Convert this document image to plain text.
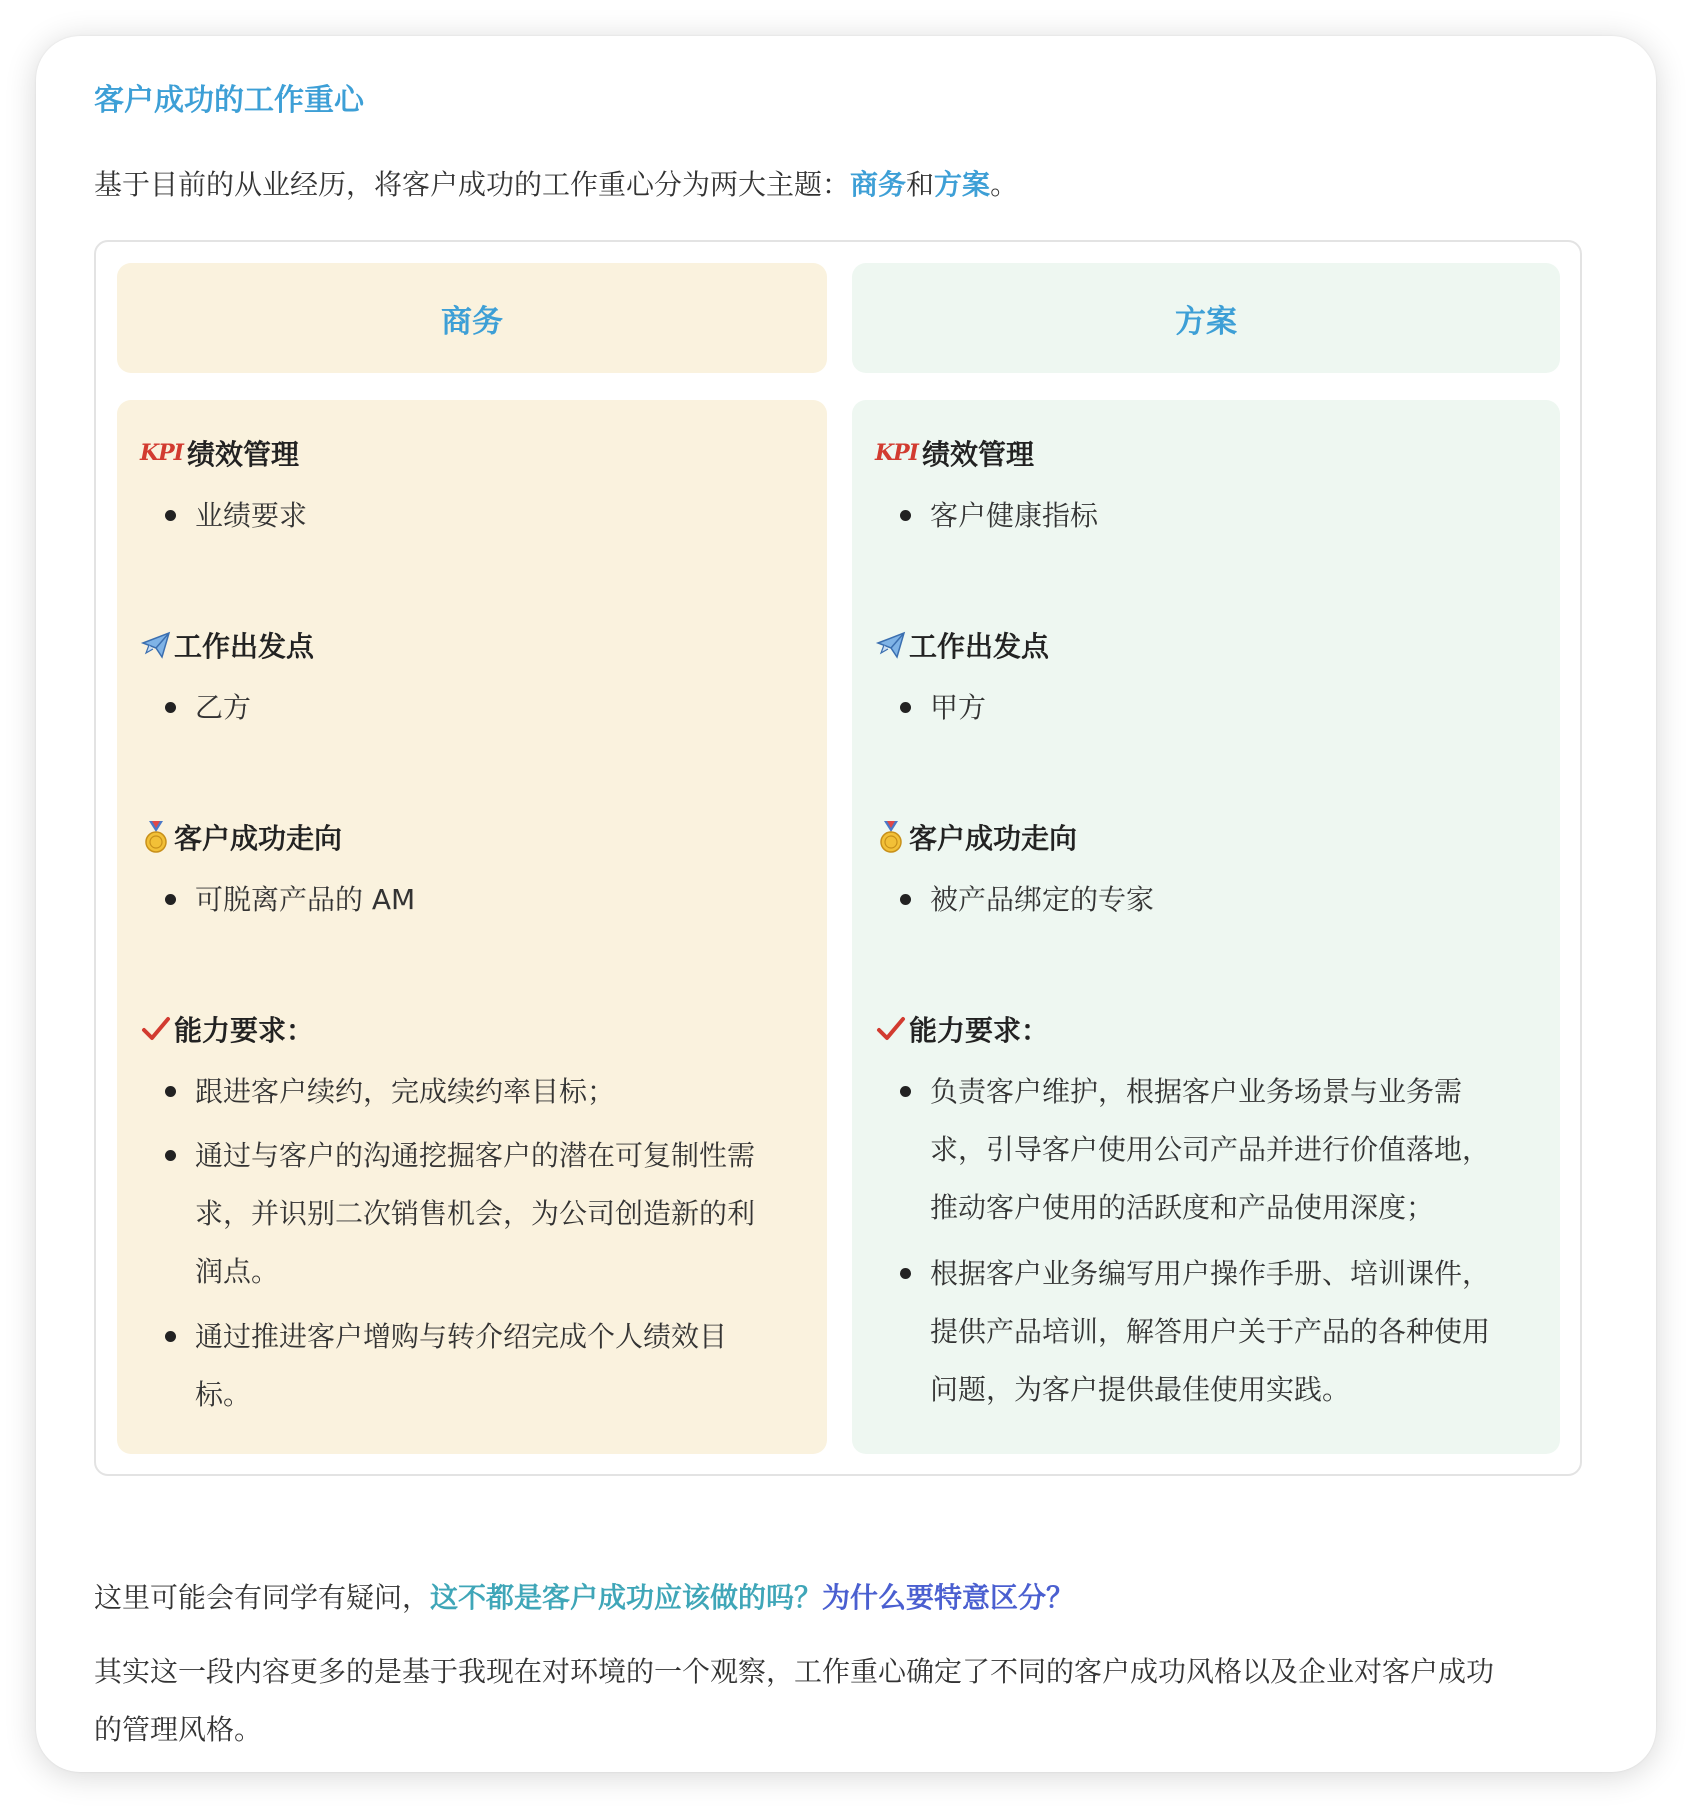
客户成功的工作重心
基于目前的从业经历，将客户成功的工作重心分为两大主题：商务和方案。
商务
KPI 绩效管理
业绩要求
工作出发点
乙方
客户成功走向
可脱离产品的 AM
能力要求：
跟进客户续约，完成续约率目标；
通过与客户的沟通挖掘客户的潜在可复制性需
求，并识别二次销售机会，为公司创造新的利
润点。
通过推进客户增购与转介绍完成个人绩效目
标。
方案
KPI 绩效管理
客户健康指标
工作出发点
甲方
客户成功走向
被产品绑定的专家
能力要求：
负责客户维护，根据客户业务场景与业务需
求，引导客户使用公司产品并进行价值落地，
推动客户使用的活跃度和产品使用深度；
根据客户业务编写用户操作手册、培训课件，
提供产品培训，解答用户关于产品的各种使用
问题，为客户提供最佳使用实践。
这里可能会有同学有疑问，这不都是客户成功应该做的吗？为什么要特意区分？
其实这一段内容更多的是基于我现在对环境的一个观察，工作重心确定了不同的客户成功风格以及企业对客户成功
的管理风格。
